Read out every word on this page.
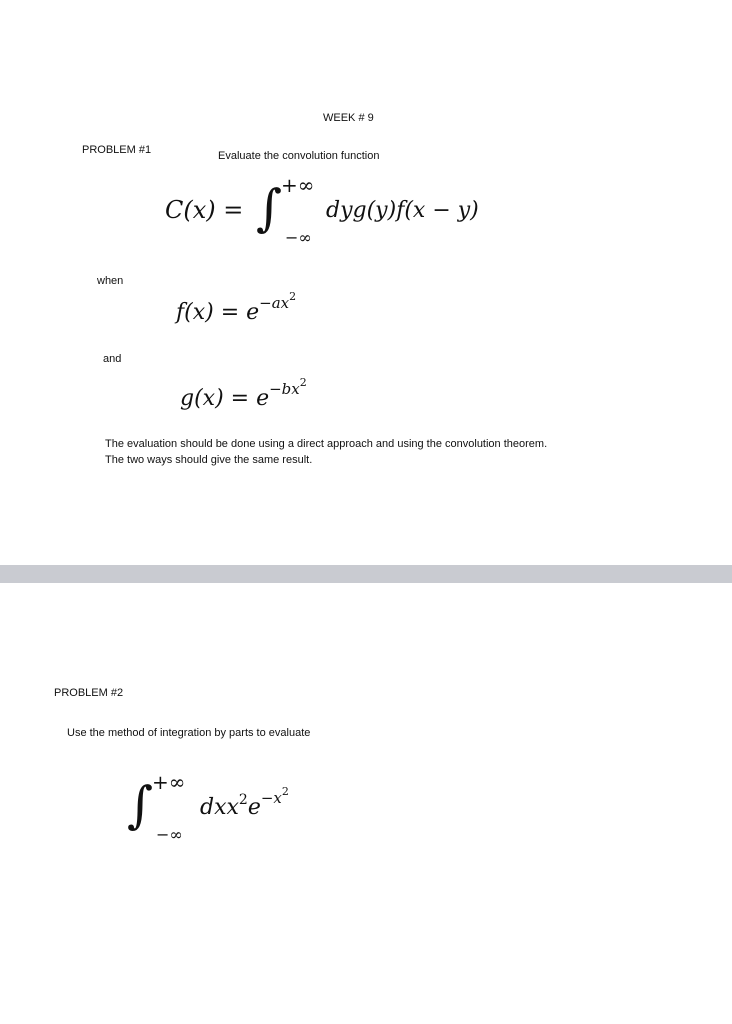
WEEK # 9
PROBLEM #1	Evaluate the convolution function
C(x) = ∫
+∞
−∞
dyg(y)f(x − y)
when
$f(x) = e^{-ax^2}$
and
$g(x) = e^{-bx^2}$
The evaluation should be done using a direct approach and using the convolution theorem.
The two ways should give the same result.
PROBLEM #2
Use the method of integration by parts to evaluate
∫
+∞
−∞
$dxx^2e^{-x^2}$
